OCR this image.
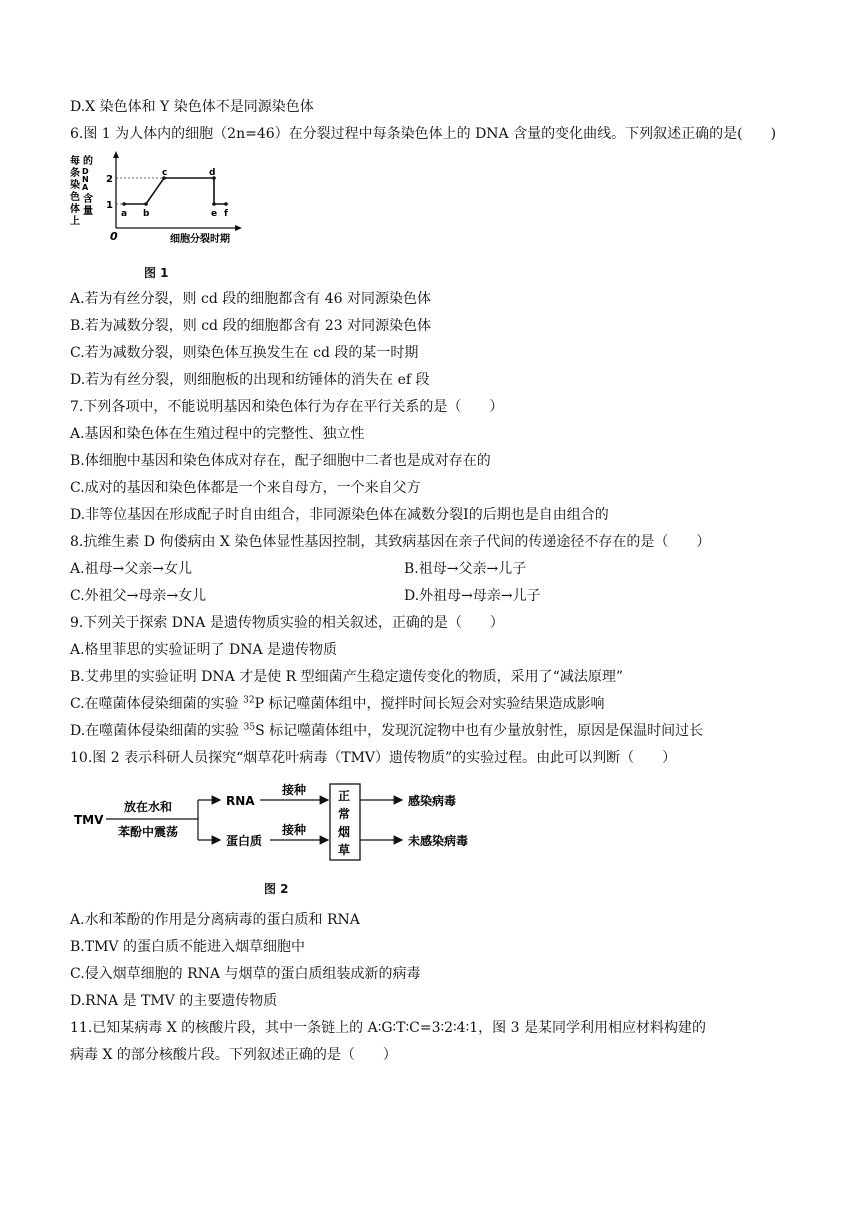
D.X 染色体和 Y 染色体不是同源染色体
6.图 1 为人体内的细胞（2n=46）在分裂过程中每条染色体上的 DNA 含量的变化曲线。下列叙述正确的是(　　)
每
条
染
色
体
上
的
D
N
A
含
量
2
1
0	细胞分裂时期
a b
c	d
e f
图 1
A.若为有丝分裂，则 cd 段的细胞都含有 46 对同源染色体
B.若为减数分裂，则 cd 段的细胞都含有 23 对同源染色体
C.若为减数分裂，则染色体互换发生在 cd 段的某一时期
D.若为有丝分裂，则细胞板的出现和纺锤体的消失在 ef 段
7.下列各项中，不能说明基因和染色体行为存在平行关系的是（　　）
A.基因和染色体在生殖过程中的完整性、独立性
B.体细胞中基因和染色体成对存在，配子细胞中二者也是成对存在的
C.成对的基因和染色体都是一个来自母方，一个来自父方
D.非等位基因在形成配子时自由组合，非同源染色体在减数分裂I的后期也是自由组合的
8.抗维生素 D 佝偻病由 X 染色体显性基因控制，其致病基因在亲子代间的传递途径不存在的是（　　）
A.祖母→父亲→女儿	B.祖母→父亲→儿子
C.外祖父→母亲→女儿	D.外祖母→母亲→儿子
9.下列关于探索 DNA 是遗传物质实验的相关叙述，正确的是（　　）
A.格里菲思的实验证明了 DNA 是遗传物质
B.艾弗里的实验证明 DNA 才是使 R 型细菌产生稳定遗传变化的物质，采用了“减法原理”
C.在噬菌体侵染细菌的实验 $^{32}$P 标记噬菌体组中，搅拌时间长短会对实验结果造成影响
D.在噬菌体侵染细菌的实验 $^{35}$S 标记噬菌体组中，发现沉淀物中也有少量放射性，原因是保温时间过长
10.图 2 表示科研人员探究“烟草花叶病毒（TMV）遗传物质”的实验过程。由此可以判断（　　）
TMV
放在水和
苯酚中震荡
RNA
蛋白质
接种
接种
正
常
烟
草
感染病毒
未感染病毒
图 2
A.水和苯酚的作用是分离病毒的蛋白质和 RNA
B.TMV 的蛋白质不能进入烟草细胞中
C.侵入烟草细胞的 RNA 与烟草的蛋白质组装成新的病毒
D.RNA 是 TMV 的主要遗传物质
11.已知某病毒 X 的核酸片段，其中一条链上的 A∶G∶T∶C=3∶2∶4∶1，图 3 是某同学利用相应材料构建的
病毒 X 的部分核酸片段。下列叙述正确的是（　　）
